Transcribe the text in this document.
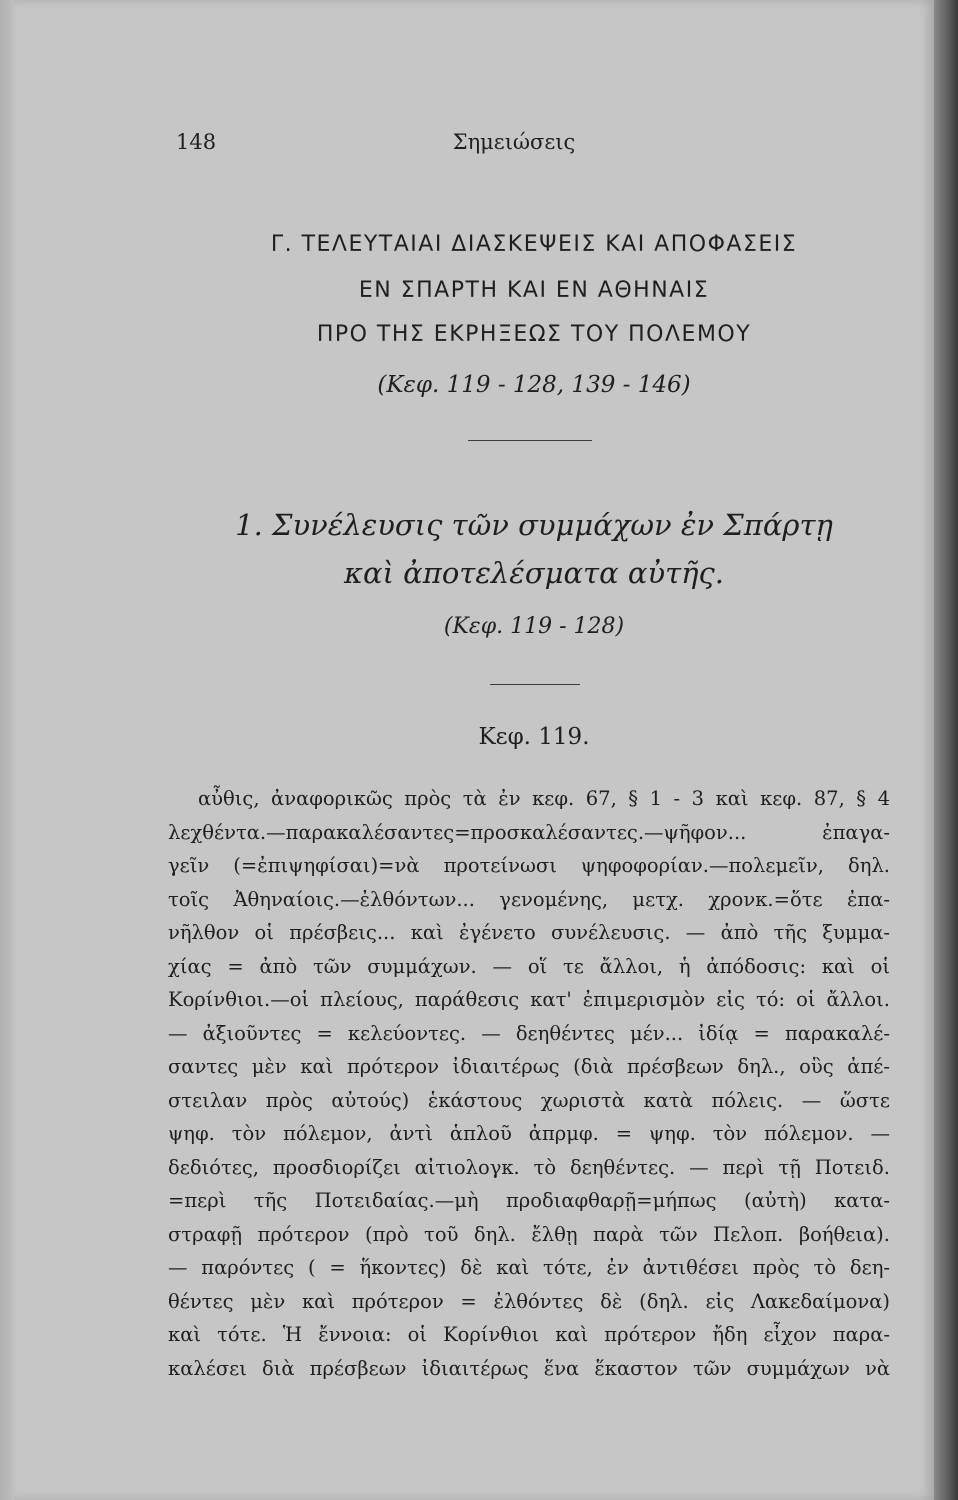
148	Σημειώσεις
Γ. ΤΕΛΕΥΤΑΙΑΙ ΔΙΑΣΚΕΨΕΙΣ ΚΑΙ ΑΠΟΦΑΣΕΙΣ
ΕΝ ΣΠΑΡΤΗ ΚΑΙ ΕΝ ΑΘΗΝΑΙΣ
ΠΡΟ ΤΗΣ ΕΚΡΗΞΕΩΣ ΤΟΥ ΠΟΛΕΜΟΥ
(Κεφ. 119 - 128, 139 - 146)
1. Συνέλευσις τῶν συμμάχων ἐν Σπάρτῃ
καὶ ἀποτελέσματα αὐτῆς.
(Κεφ. 119 - 128)
Κεφ. 119.
αὖθις, ἀναφορικῶς πρὸς τὰ ἐν κεφ. 67, § 1 - 3 καὶ κεφ. 87, § 4
λεχθέντα.—παρακαλέσαντες=προσκαλέσαντες.—ψῆφον... ἐπαγα-
γεῖν (=ἐπιψηφίσαι)=νὰ προτείνωσι ψηφοφορίαν.—πολεμεῖν, δηλ.
τοῖς Ἀθηναίοις.—ἐλθόντων... γενομένης, μετχ. χρονκ.=ὅτε ἐπα-
νῆλθον οἱ πρέσβεις... καὶ ἐγένετο συνέλευσις. — ἀπὸ τῆς ξυμμα-
χίας = ἀπὸ τῶν συμμάχων. — οἵ τε ἄλλοι, ἡ ἀπόδοσις: καὶ οἱ
Κορίνθιοι.—οἱ πλείους, παράθεσις κατ' ἐπιμερισμὸν εἰς τό: οἱ ἄλλοι.
— ἀξιοῦντες = κελεύοντες. — δεηθέντες μέν... ἰδίᾳ = παρακαλέ-
σαντες μὲν καὶ πρότερον ἰδιαιτέρως (διὰ πρέσβεων δηλ., οὓς ἀπέ-
στειλαν πρὸς αὐτούς) ἑκάστους χωριστὰ κατὰ πόλεις. — ὥστε
ψηφ. τὸν πόλεμον, ἀντὶ ἁπλοῦ ἀπρμφ. = ψηφ. τὸν πόλεμον. —
δεδιότες, προσδιορίζει αἰτιολογκ. τὸ δεηθέντες. — περὶ τῇ Ποτειδ.
=περὶ τῆς Ποτειδαίας.—μὴ προδιαφθαρῇ=μήπως (αὐτὴ) κατα-
στραφῇ πρότερον (πρὸ τοῦ δηλ. ἔλθῃ παρὰ τῶν Πελοπ. βοήθεια).
— παρόντες ( = ἥκοντες) δὲ καὶ τότε, ἐν ἀντιθέσει πρὸς τὸ δεη-
θέντες μὲν καὶ πρότερον = ἐλθόντες δὲ (δηλ. εἰς Λακεδαίμονα)
καὶ τότε. Ἡ ἔννοια: οἱ Κορίνθιοι καὶ πρότερον ἤδη εἶχον παρα-
καλέσει διὰ πρέσβεων ἰδιαιτέρως ἕνα ἕκαστον τῶν συμμάχων νὰ
